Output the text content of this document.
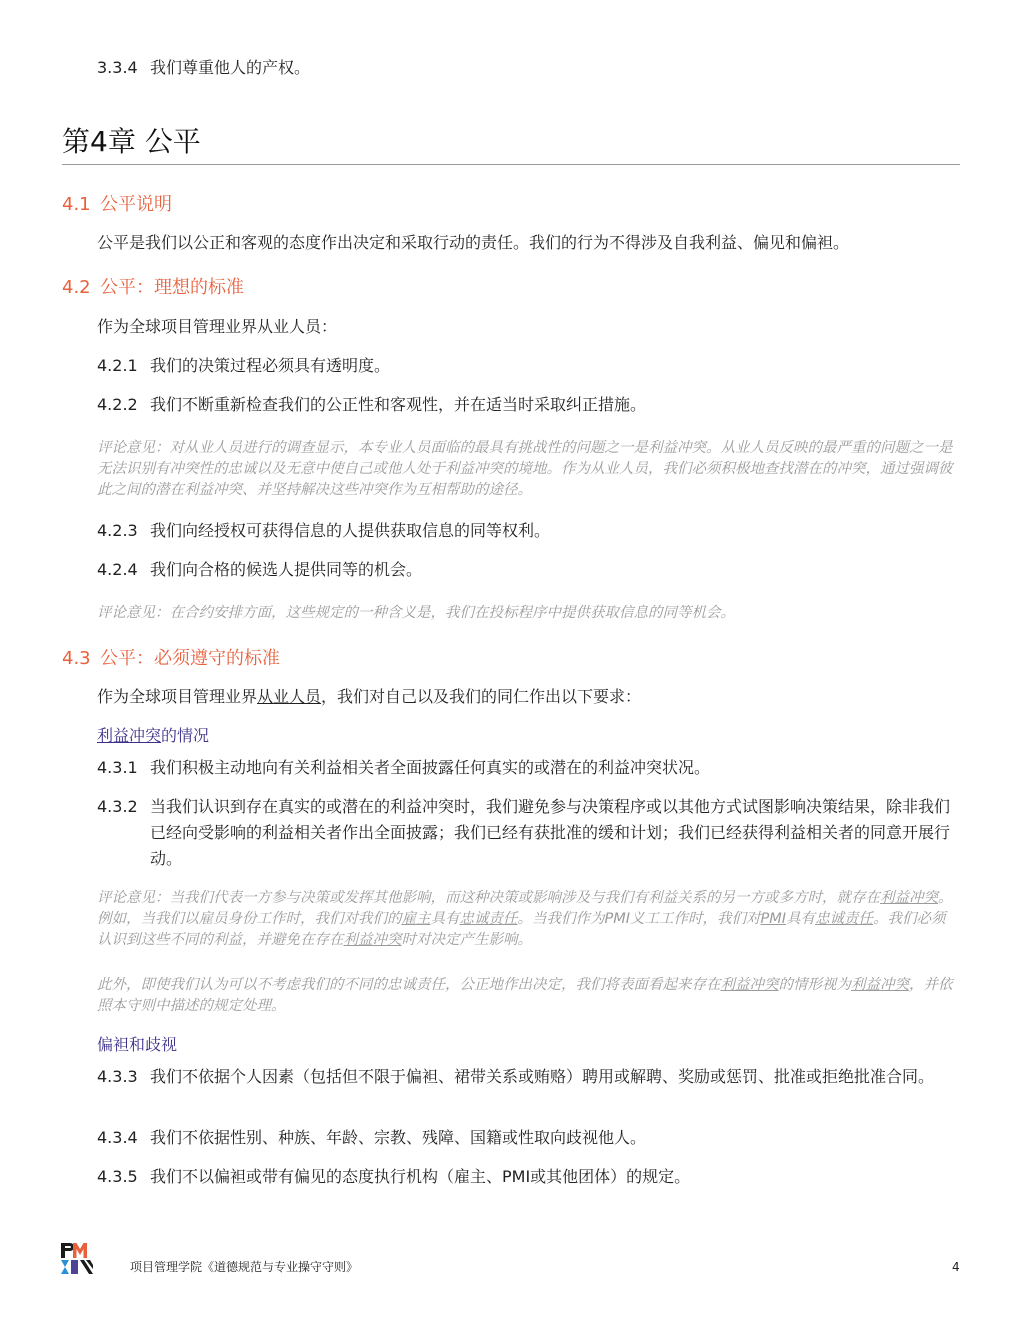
3.3.4 我们尊重他人的产权。
第4章 公平
4.1 公平说明
公平是我们以公正和客观的态度作出决定和采取行动的责任。我们的行为不得涉及自我利益、偏见和偏袒。
4.2 公平：理想的标准
作为全球项目管理业界从业人员：
4.2.1 我们的决策过程必须具有透明度。
4.2.2 我们不断重新检查我们的公正性和客观性，并在适当时采取纠正措施。
评论意见：对从业人员进行的调查显示，本专业人员面临的最具有挑战性的问题之一是利益冲突。从业人员反映的最严重的问题之一是无法识别有冲突性的忠诚以及无意中使自己或他人处于利益冲突的境地。作为从业人员，我们必须积极地查找潜在的冲突，通过强调彼此之间的潜在利益冲突、并坚持解决这些冲突作为互相帮助的途径。
4.2.3 我们向经授权可获得信息的人提供获取信息的同等权利。
4.2.4 我们向合格的候选人提供同等的机会。
评论意见：在合约安排方面，这些规定的一种含义是，我们在投标程序中提供获取信息的同等机会。
4.3 公平：必须遵守的标准
作为全球项目管理业界从业人员，我们对自己以及我们的同仁作出以下要求：
利益冲突的情况
4.3.1 我们积极主动地向有关利益相关者全面披露任何真实的或潜在的利益冲突状况。
4.3.2 当我们认识到存在真实的或潜在的利益冲突时，我们避免参与决策程序或以其他方式试图影响决策结果，除非我们已经向受影响的利益相关者作出全面披露；我们已经有获批准的缓和计划；我们已经获得利益相关者的同意开展行动。
评论意见：当我们代表一方参与决策或发挥其他影响，而这种决策或影响涉及与我们有利益关系的另一方或多方时，就存在利益冲突。例如，当我们以雇员身份工作时，我们对我们的雇主具有忠诚责任。当我们作为PMI义工工作时，我们对PMI具有忠诚责任。我们必须认识到这些不同的利益，并避免在存在利益冲突时对决定产生影响。
此外，即使我们认为可以不考虑我们的不同的忠诚责任，公正地作出决定，我们将表面看起来存在利益冲突的情形视为利益冲突，并依照本守则中描述的规定处理。
偏袒和歧视
4.3.3 我们不依据个人因素（包括但不限于偏袒、裙带关系或贿赂）聘用或解聘、奖励或惩罚、批准或拒绝批准合同。
4.3.4 我们不依据性别、种族、年龄、宗教、残障、国籍或性取向歧视他人。
4.3.5 我们不以偏袒或带有偏见的态度执行机构（雇主、PMI或其他团体）的规定。
项目管理学院《道德规范与专业操守守则》	4
